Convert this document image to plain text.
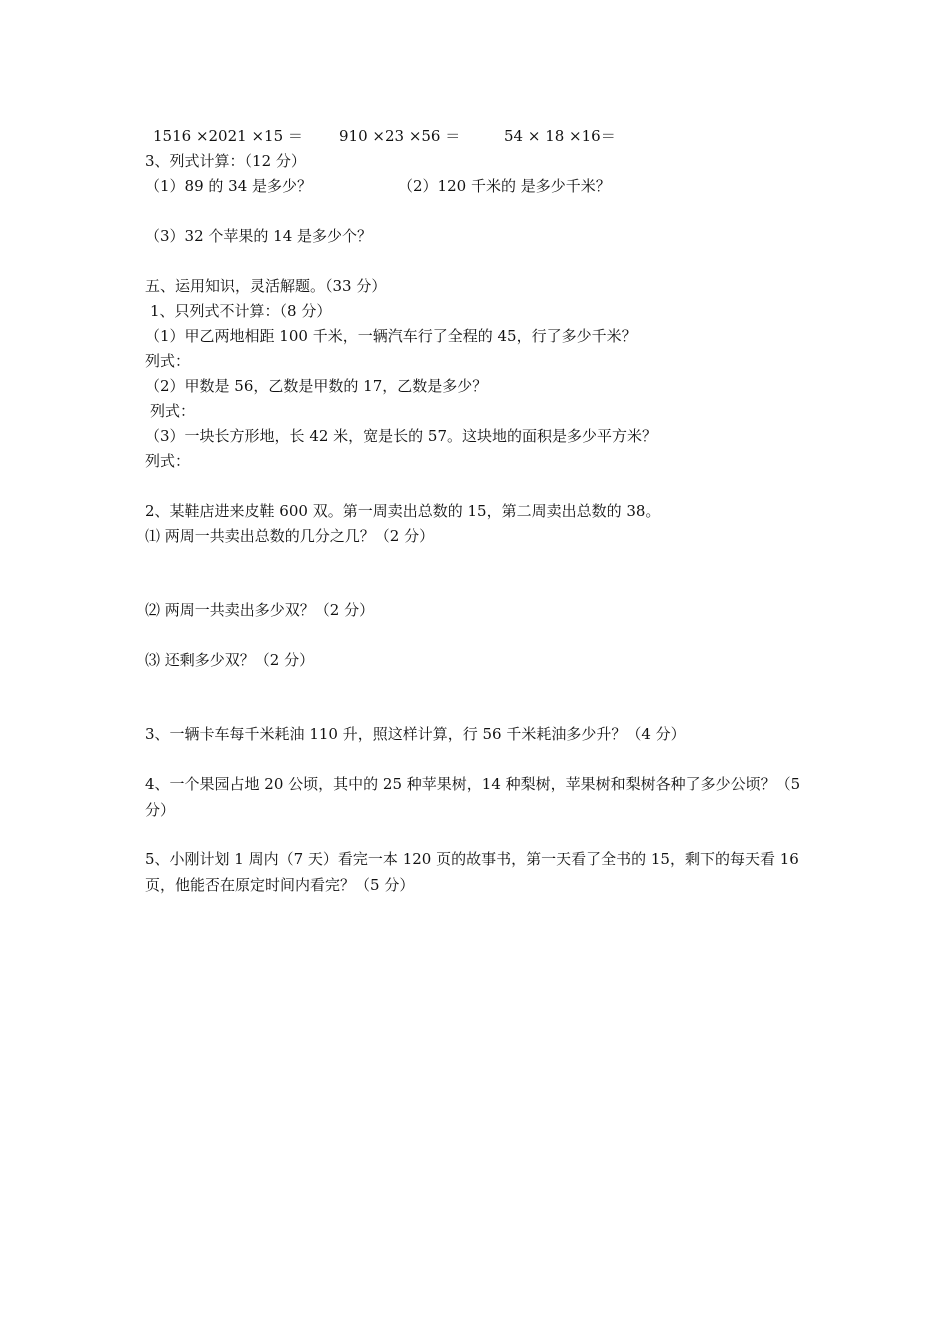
1516 ×2021 ×15 ＝ 910 ×23 ×56 ＝	54 × 18 ×16＝
3、列式计算：（12 分）
（1）89 的 34 是多少？	（2）120 千米的 是多少千米？
（3）32 个苹果的 14 是多少个？
五、运用知识，灵活解题。（33 分）
1、只列式不计算：（8 分）
（1）甲乙两地相距 100 千米，一辆汽车行了全程的 45，行了多少千米？
列式：
（2）甲数是 56，乙数是甲数的 17，乙数是多少？
列式：
（3）一块长方形地，长 42 米，宽是长的 57。这块地的面积是多少平方米？
列式：
2、某鞋店进来皮鞋 600 双。第一周卖出总数的 15，第二周卖出总数的 38。
⑴ 两周一共卖出总数的几分之几？（2 分）
⑵ 两周一共卖出多少双？（2 分）
⑶ 还剩多少双？（2 分）
3、一辆卡车每千米耗油 110 升，照这样计算，行 56 千米耗油多少升？（4 分）
4、一个果园占地 20 公顷，其中的 25 种苹果树，14 种梨树，苹果树和梨树各种了多少公顷？（5 分）
5、小刚计划 1 周内（7 天）看完一本 120 页的故事书，第一天看了全书的 15，剩下的每天看 16 页，他能否在原定时间内看完？（5 分）
